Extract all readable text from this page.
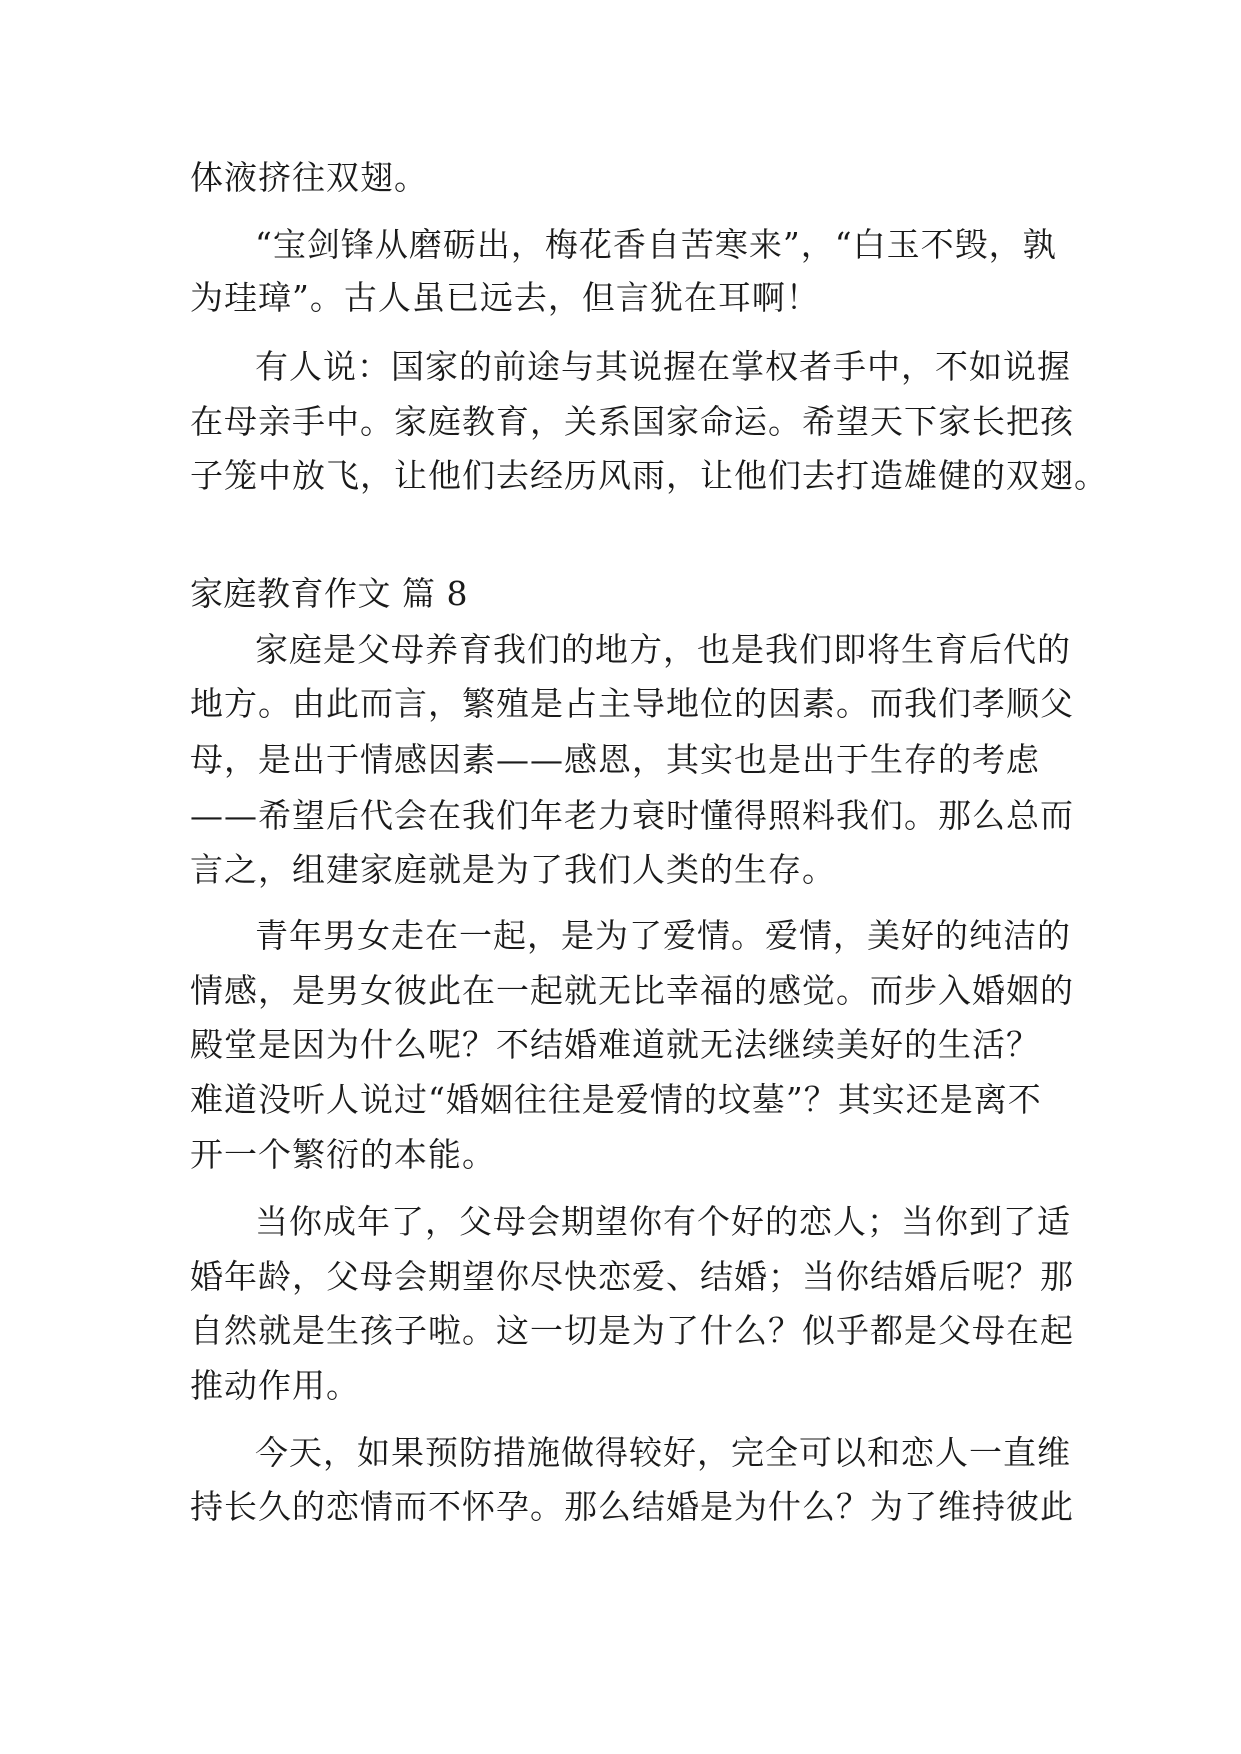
体液挤往双翅。
“宝剑锋从磨砺出，梅花香自苦寒来”，“白玉不毁，孰
为珪璋”。古人虽已远去，但言犹在耳啊！
有人说：国家的前途与其说握在掌权者手中，不如说握
在母亲手中。家庭教育，关系国家命运。希望天下家长把孩
子笼中放飞，让他们去经历风雨，让他们去打造雄健的双翅。
家庭教育作文 篇 8
家庭是父母养育我们的地方，也是我们即将生育后代的
地方。由此而言，繁殖是占主导地位的因素。而我们孝顺父
母，是出于情感因素——感恩，其实也是出于生存的考虑
——希望后代会在我们年老力衰时懂得照料我们。那么总而
言之，组建家庭就是为了我们人类的生存。
青年男女走在一起，是为了爱情。爱情，美好的纯洁的
情感，是男女彼此在一起就无比幸福的感觉。而步入婚姻的
殿堂是因为什么呢？不结婚难道就无法继续美好的生活？
难道没听人说过“婚姻往往是爱情的坟墓”？其实还是离不
开一个繁衍的本能。
当你成年了，父母会期望你有个好的恋人；当你到了适
婚年龄，父母会期望你尽快恋爱、结婚；当你结婚后呢？那
自然就是生孩子啦。这一切是为了什么？似乎都是父母在起
推动作用。
今天，如果预防措施做得较好，完全可以和恋人一直维
持长久的恋情而不怀孕。那么结婚是为什么？为了维持彼此
